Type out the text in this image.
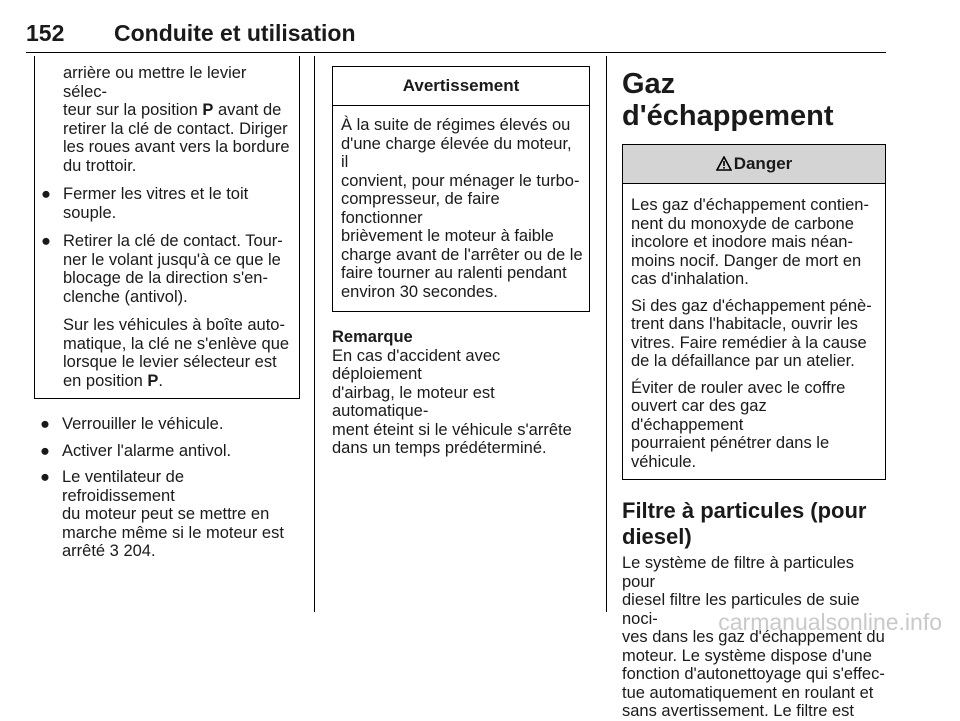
152 Conduite et utilisation
arrière ou mettre le levier sélec-
teur sur la position P avant de
retirer la clé de contact. Diriger
les roues avant vers la bordure
du trottoir.
● Fermer les vitres et le toit
souple.
● Retirer la clé de contact. Tour-
ner le volant jusqu'à ce que le
blocage de la direction s'en-
clenche (antivol).
Sur les véhicules à boîte auto-
matique, la clé ne s'enlève que
lorsque le levier sélecteur est
en position P.
● Verrouiller le véhicule.
● Activer l'alarme antivol.
● Le ventilateur de refroidissement
du moteur peut se mettre en
marche même si le moteur est
arrêté 3 204.
Avertissement
À la suite de régimes élevés ou
d'une charge élevée du moteur, il
convient, pour ménager le turbo-
compresseur, de faire fonctionner
brièvement le moteur à faible
charge avant de l'arrêter ou de le
faire tourner au ralenti pendant
environ 30 secondes.
Remarque
En cas d'accident avec déploiement
d'airbag, le moteur est automatique-
ment éteint si le véhicule s'arrête
dans un temps prédéterminé.
Gaz d'échappement
Danger
Les gaz d'échappement contien-
nent du monoxyde de carbone
incolore et inodore mais néan-
moins nocif. Danger de mort en
cas d'inhalation.
Si des gaz d'échappement pénè-
trent dans l'habitacle, ouvrir les
vitres. Faire remédier à la cause
de la défaillance par un atelier.
Éviter de rouler avec le coffre
ouvert car des gaz d'échappement
pourraient pénétrer dans le
véhicule.
Filtre à particules (pour
diesel)
Le système de filtre à particules pour
diesel filtre les particules de suie noci-
ves dans les gaz d'échappement du
moteur. Le système dispose d'une
fonction d'autonettoyage qui s'effec-
tue automatiquement en roulant et
sans avertissement. Le filtre est
carmanualsonline.info
